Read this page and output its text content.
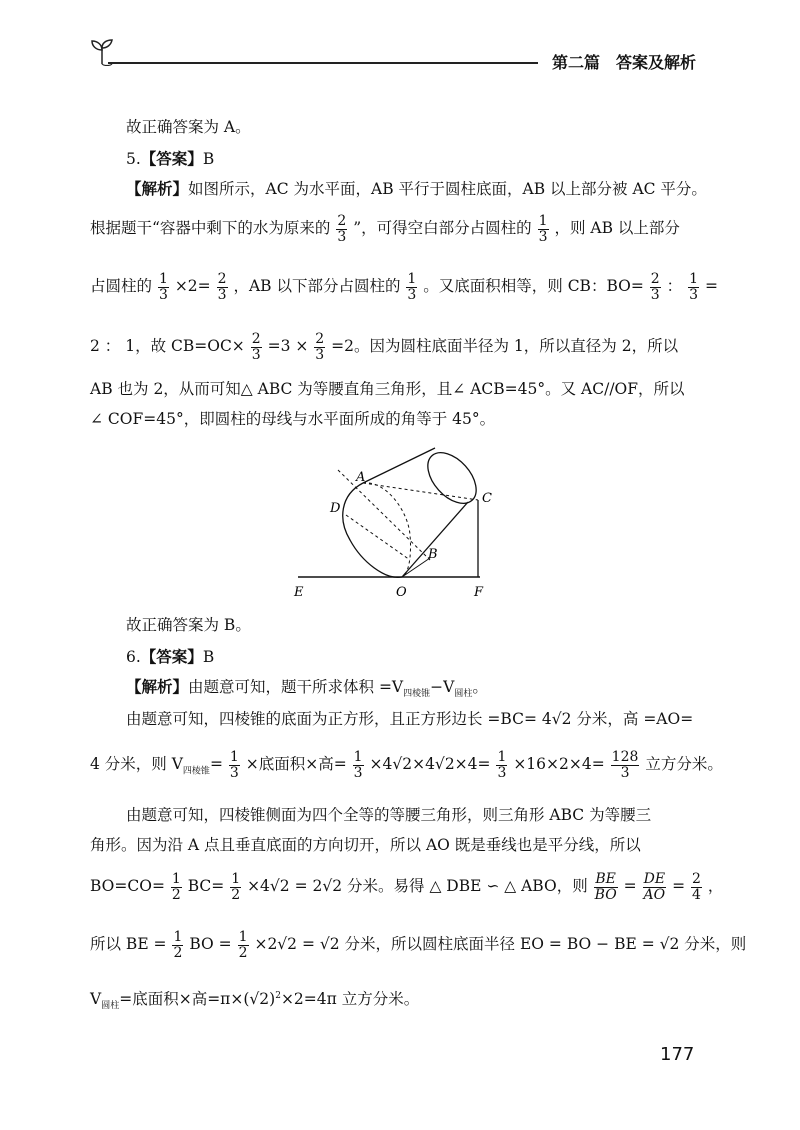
第二篇　答案及解析
故正确答案为 A。
5.【答案】B
【解析】如图所示，AC 为水平面，AB 平行于圆柱底面，AB 以上部分被 AC 平分。
根据题干“容器中剩下的水为原来的 $\frac{2}{3}$ ”，可得空白部分占圆柱的 $\frac{1}{3}$ ，则 AB 以上部分
占圆柱的 $\frac{1}{3} \times 2= \frac{2}{3}$ ，AB 以下部分占圆柱的 $\frac{1}{3}$ 。又底面积相等，则 CB：$BO= \frac{2}{3}$ ： $\frac{1}{3}$ =
2 ： 1，故 $CB=OC\times \frac{2}{3} =3 \times \frac{2}{3} =2$。因为圆柱底面半径为 1，所以直径为 2，所以
AB 也为 2，从而可知△ ABC 为等腰直角三角形，且∠ ACB=45°。又 AC//OF，所以
∠ COF=45°，即圆柱的母线与水平面所成的角等于 45°。
A
C
D
B
E	O	F
故正确答案为 B。
6.【答案】B
【解析】由题意可知，题干所求体积 $=V_{四棱锥}-V_{圆柱}$。
由题意可知，四棱锥的底面为正方形，且正方形边长 =BC= 4√2 分米，高 =AO=
4 分米，则 $V_{四棱锥}= \frac{1}{3}$ ×底面积×高= $\frac{1}{3} \times 4√2\times 4√2\times 4= \frac{1}{3} \times 16\times 2\times 4= \frac{128}{3}$ 立方分米。
由题意可知，四棱锥侧面为四个全等的等腰三角形，则三角形 ABC 为等腰三
角形。因为沿 A 点且垂直底面的方向切开，所以 AO 既是垂线也是平分线，所以
$BO=CO= \frac{1}{2} BC= \frac{1}{2} \times 4√2 = 2√2$ 分米。易得 △ DBE ∽ △ ABO，则 $\frac{BE}{BO} = \frac{DE}{AO} = \frac{2}{4}$ ，
所以 BE = $\frac{1}{2}$ BO = $\frac{1}{2} \times 2√2 = √2$ 分米，所以圆柱底面半径 EO = BO − BE = √2 分米，则
$V_{圆柱}=$底面积×高$=\pi\times(√2)^2\times 2=4\pi$ 立方分米。
177
